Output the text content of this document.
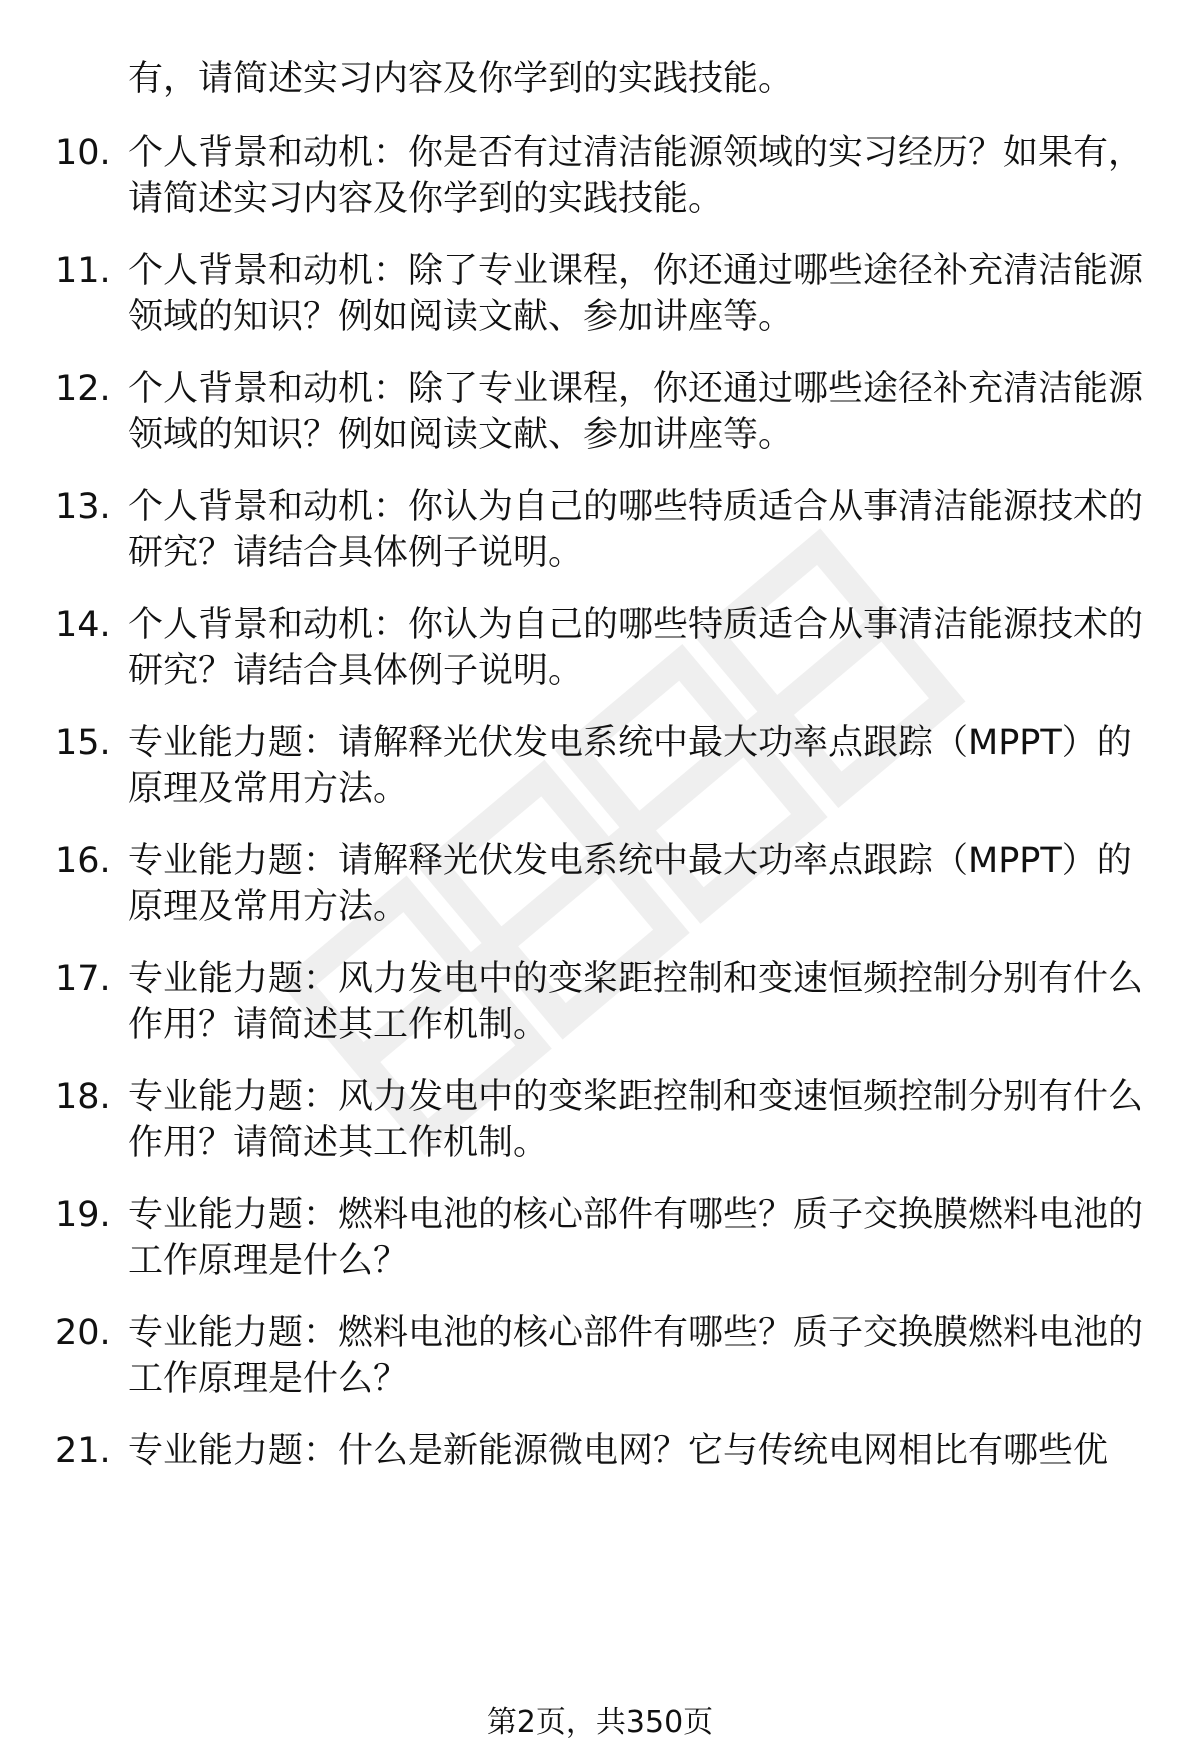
有，请简述实习内容及你学到的实践技能。
10. 个人背景和动机：你是否有过清洁能源领域的实习经历？如果有，请简述实习内容及你学到的实践技能。
11. 个人背景和动机：除了专业课程，你还通过哪些途径补充清洁能源领域的知识？例如阅读文献、参加讲座等。
12. 个人背景和动机：除了专业课程，你还通过哪些途径补充清洁能源领域的知识？例如阅读文献、参加讲座等。
13. 个人背景和动机：你认为自己的哪些特质适合从事清洁能源技术的研究？请结合具体例子说明。
14. 个人背景和动机：你认为自己的哪些特质适合从事清洁能源技术的研究？请结合具体例子说明。
15. 专业能力题：请解释光伏发电系统中最大功率点跟踪（MPPT）的原理及常用方法。
16. 专业能力题：请解释光伏发电系统中最大功率点跟踪（MPPT）的原理及常用方法。
17. 专业能力题：风力发电中的变桨距控制和变速恒频控制分别有什么作用？请简述其工作机制。
18. 专业能力题：风力发电中的变桨距控制和变速恒频控制分别有什么作用？请简述其工作机制。
19. 专业能力题：燃料电池的核心部件有哪些？质子交换膜燃料电池的工作原理是什么？
20. 专业能力题：燃料电池的核心部件有哪些？质子交换膜燃料电池的工作原理是什么？
21. 专业能力题：什么是新能源微电网？它与传统电网相比有哪些优
第2页，共350页
